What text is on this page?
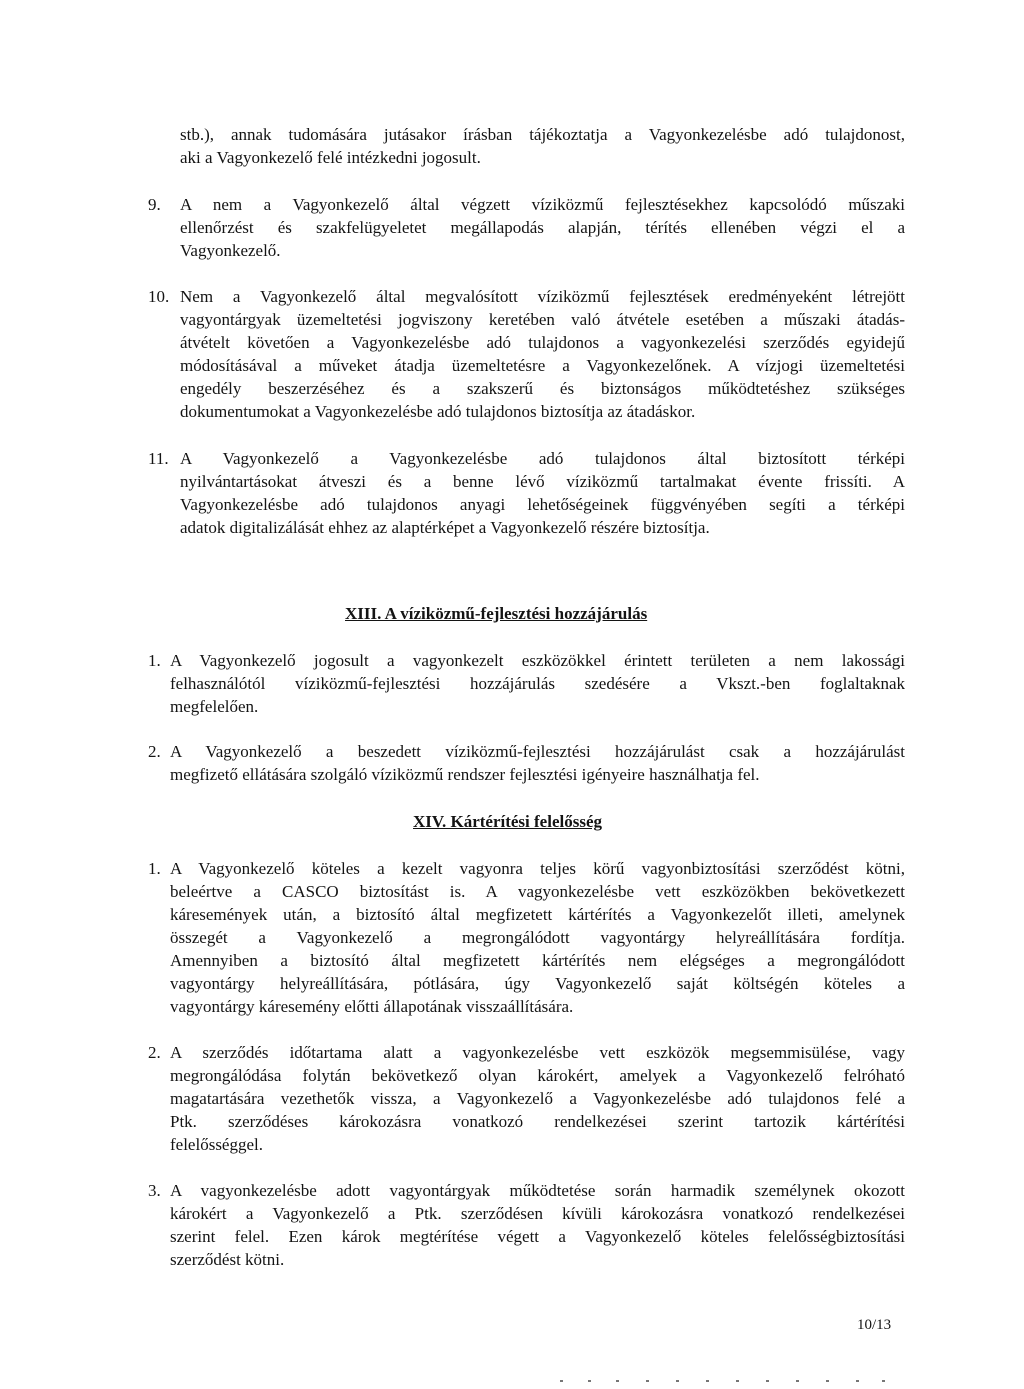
stb.), annak tudomására jutásakor írásban tájékoztatja a Vagyonkezelésbe adó tulajdonost,
aki a Vagyonkezelő felé intézkedni jogosult.
9. A nem a Vagyonkezelő által végzett víziközmű fejlesztésekhez kapcsolódó műszaki
ellenőrzést és szakfelügyeletet megállapodás alapján, térítés ellenében végzi el a
Vagyonkezelő.
10. Nem a Vagyonkezelő által megvalósított víziközmű fejlesztések eredményeként létrejött
vagyontárgyak üzemeltetési jogviszony keretében való átvétele esetében a műszaki átadás-
átvételt követően a Vagyonkezelésbe adó tulajdonos a vagyonkezelési szerződés egyidejű
módosításával a műveket átadja üzemeltetésre a Vagyonkezelőnek. A vízjogi üzemeltetési
engedély beszerzéséhez és a szakszerű és biztonságos működtetéshez szükséges
dokumentumokat a Vagyonkezelésbe adó tulajdonos biztosítja az átadáskor.
11. A Vagyonkezelő a Vagyonkezelésbe adó tulajdonos által biztosított térképi
nyilvántartásokat átveszi és a benne lévő víziközmű tartalmakat évente frissíti. A
Vagyonkezelésbe adó tulajdonos anyagi lehetőségeinek függvényében segíti a térképi
adatok digitalizálását ehhez az alaptérképet a Vagyonkezelő részére biztosítja.
XIII. A víziközmű-fejlesztési hozzájárulás
1. A Vagyonkezelő jogosult a vagyonkezelt eszközökkel érintett területen a nem lakossági
felhasználótól víziközmű-fejlesztési hozzájárulás szedésére a Vkszt.-ben foglaltaknak
megfelelően.
2. A Vagyonkezelő a beszedett víziközmű-fejlesztési hozzájárulást csak a hozzájárulást
megfizető ellátására szolgáló víziközmű rendszer fejlesztési igényeire használhatja fel.
XIV. Kártérítési felelősség
1. A Vagyonkezelő köteles a kezelt vagyonra teljes körű vagyonbiztosítási szerződést kötni,
beleértve a CASCO biztosítást is. A vagyonkezelésbe vett eszközökben bekövetkezett
káresemények után, a biztosító által megfizetett kártérítés a Vagyonkezelőt illeti, amelynek
összegét a Vagyonkezelő a megrongálódott vagyontárgy helyreállítására fordítja.
Amennyiben a biztosító által megfizetett kártérítés nem elégséges a megrongálódott
vagyontárgy helyreállítására, pótlására, úgy Vagyonkezelő saját költségén köteles a
vagyontárgy káresemény előtti állapotának visszaállítására.
2. A szerződés időtartama alatt a vagyonkezelésbe vett eszközök megsemmisülése, vagy
megrongálódása folytán bekövetkező olyan károkért, amelyek a Vagyonkezelő felróható
magatartására vezethetők vissza, a Vagyonkezelő a Vagyonkezelésbe adó tulajdonos felé a
Ptk. szerződéses károkozásra vonatkozó rendelkezései szerint tartozik kártérítési
felelősséggel.
3. A vagyonkezelésbe adott vagyontárgyak működtetése során harmadik személynek okozott
károkért a Vagyonkezelő a Ptk. szerződésen kívüli károkozásra vonatkozó rendelkezései
szerint felel. Ezen károk megtérítése végett a Vagyonkezelő köteles felelősségbiztosítási
szerződést kötni.
10/13
